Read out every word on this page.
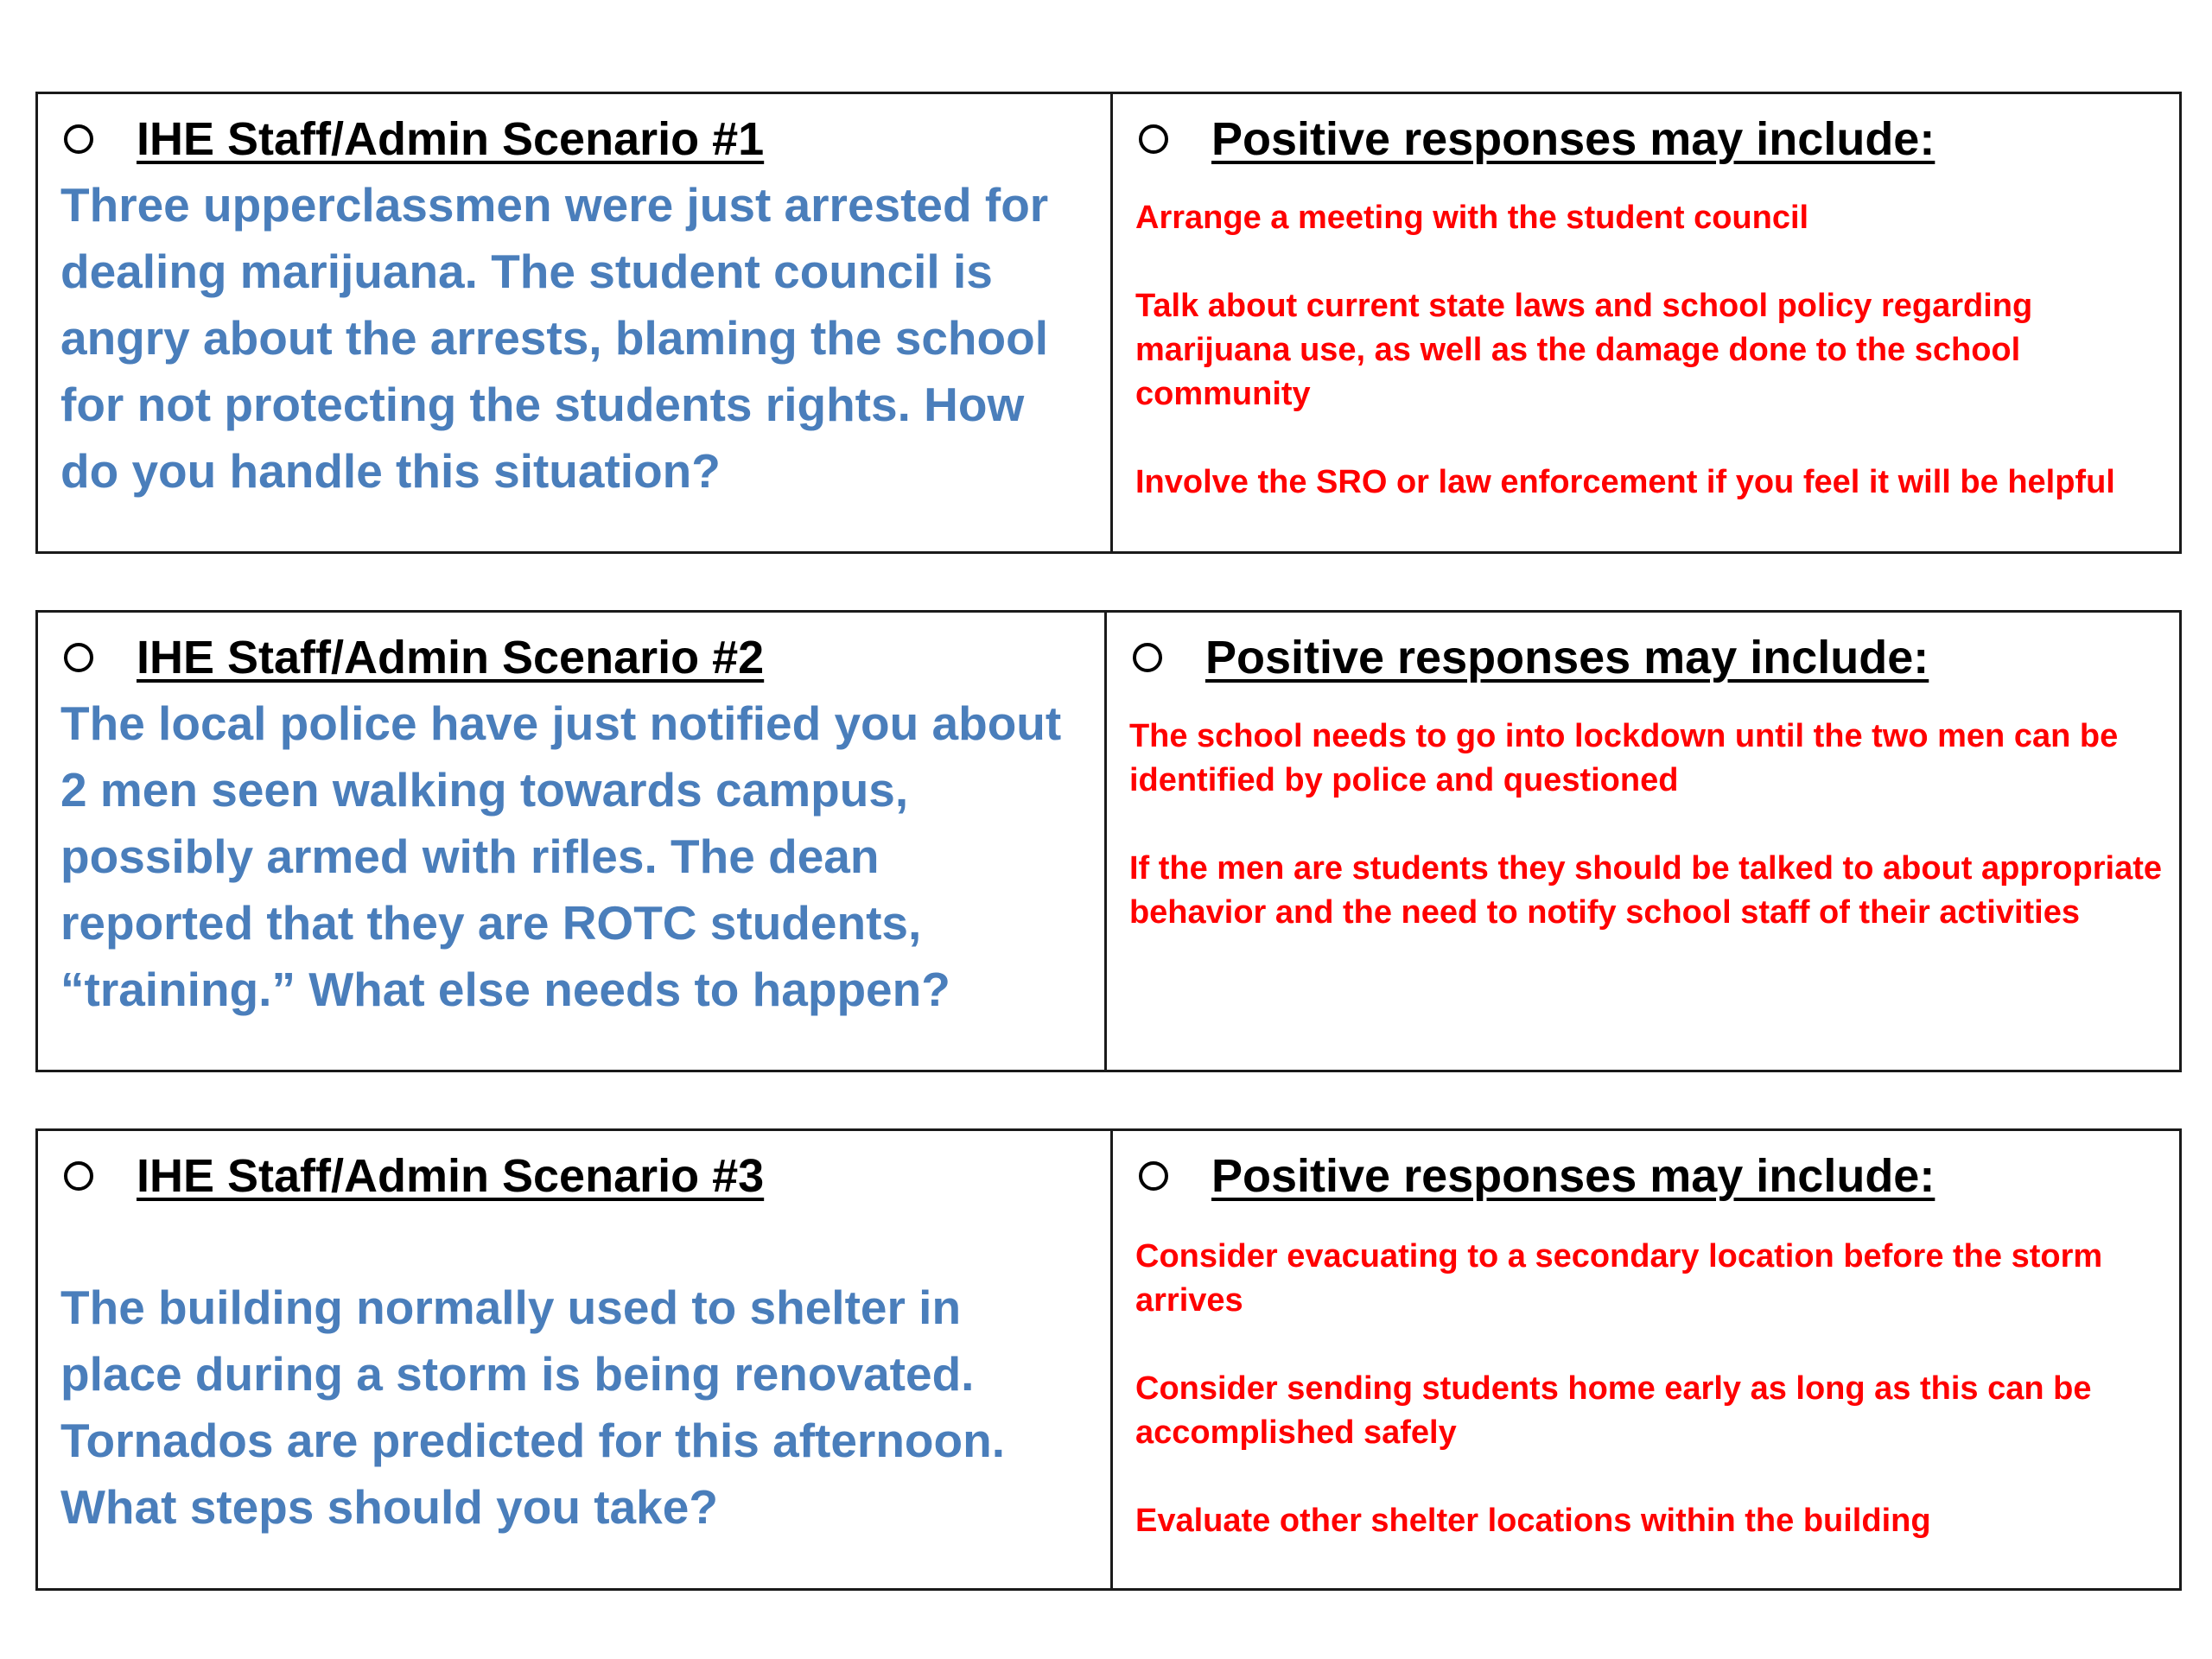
IHE Staff/Admin Scenario #1
Three upperclassmen were just arrested for
dealing marijuana. The student council is
angry about the arrests, blaming the school
for not protecting the students rights. How
do you handle this situation?
Positive responses may include:
Arrange a meeting with the student council
Talk about current state laws and school policy regarding
marijuana use, as well as the damage done to the school
community
Involve the SRO or law enforcement if you feel it will be helpful
IHE Staff/Admin Scenario #2
The local police have just notified you about
2 men seen walking towards campus,
possibly armed with rifles. The dean
reported that they are ROTC students,
“training.” What else needs to happen?
Positive responses may include:
The school needs to go into lockdown until the two men can be
identified by police and questioned
If the men are students they should be talked to about appropriate
behavior and the need to notify school staff of their activities
IHE Staff/Admin Scenario #3
The building normally used to shelter in
place during a storm is being renovated.
Tornados are predicted for this afternoon.
What steps should you take?
Positive responses may include:
Consider evacuating to a secondary location before the storm
arrives
Consider sending students home early as long as this can be
accomplished safely
Evaluate other shelter locations within the building
